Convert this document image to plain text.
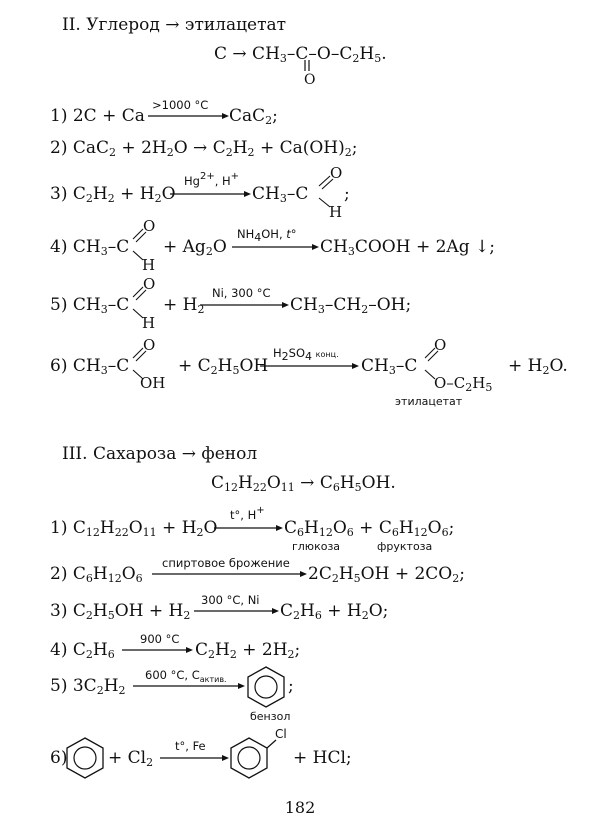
II. Углерод → этилацетат
$C \to CH_3-C-O-C_2H_5$.
O
1) 2C + Ca
>1000 °C
CaC$_2$;
2) $CaC_2 + 2H_2O \to C_2H_2 + Ca(OH)_2$;
3) $C_2H_2 + H_2O$
$Hg^{2+}$, H+
$CH_3-C$
O
H
;
4) $CH_3-C$
O
H
+ $Ag_2O$
$NH_4OH$, t°
$CH_3COOH + 2Ag$ ↓;
5) $CH_3-C$
O
H
+ $H_2$
Ni, 300 °C
$CH_3-CH_2-OH$;
6) $CH_3-C$
O
OH
+ $C_2H_5OH$
$H_2SO_4$ конц.
$CH_3-C$
O
$O-C_2H_5$
+ $H_2O$.
этилацетат
III. Сахароза → фенол
$C_{12}H_{22}O_{11} \to C_6H_5OH$.
1) $C_{12}H_{22}O_{11} + H_2O$
t°, H+
$C_6H_{12}O_6 + C_6H_{12}O_6$;
глюкоза	фруктоза
2) $C_6H_{12}O_6$
спиртовое брожение
$2C_2H_5OH + 2CO_2$;
3) $C_2H_5OH + H_2$
300 °C, Ni
$C_2H_6 + H_2O$;
4) $C_2H_6$
900 °C
$C_2H_2 + 2H_2$;
5) $3C_2H_2$
600 °C, $C_{актив.}$	;
бензол
$6) + Cl_2$
t°, Fe
Cl
+ HCl;
182
